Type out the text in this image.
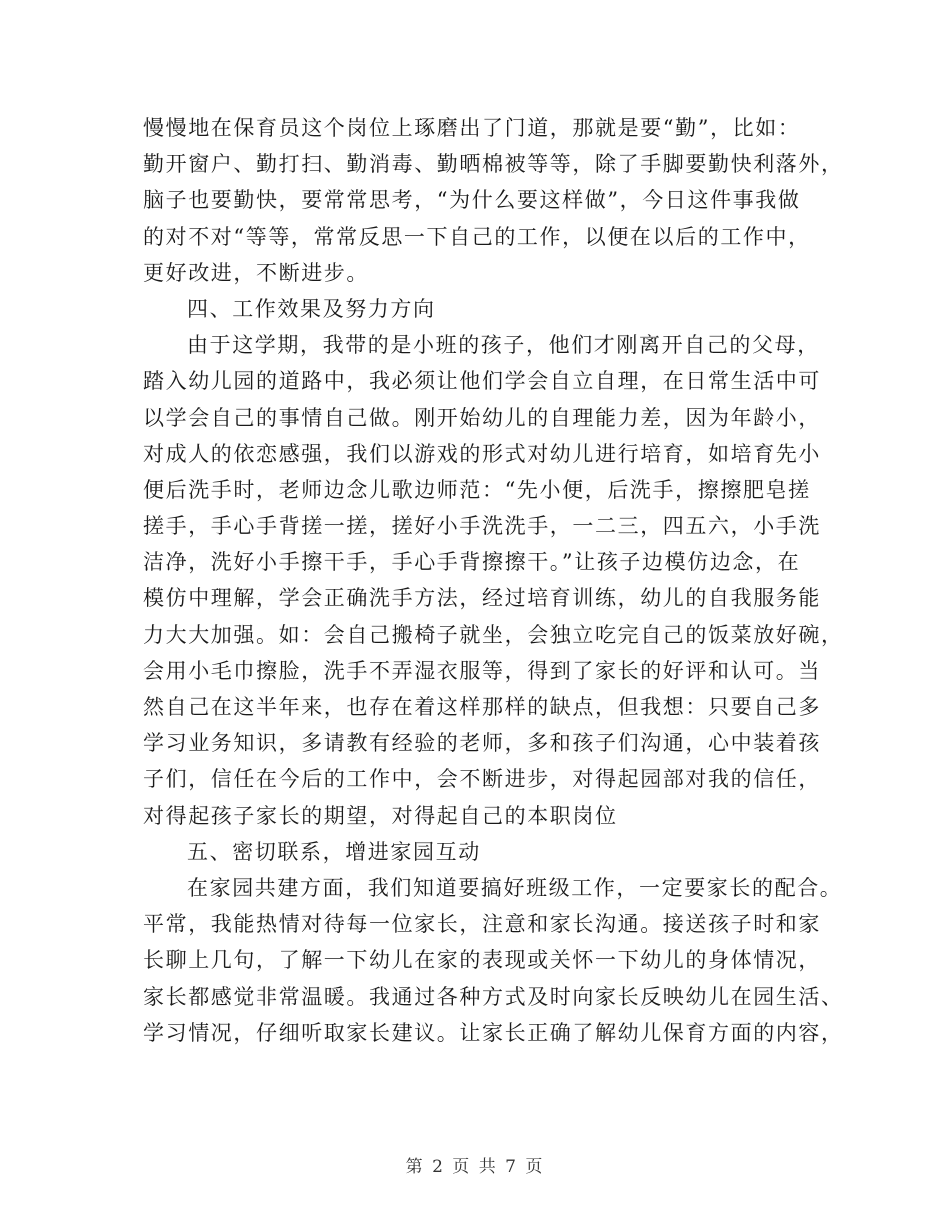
慢慢地在保育员这个岗位上琢磨出了门道，那就是要“勤”，比如：
勤开窗户、勤打扫、勤消毒、勤晒棉被等等，除了手脚要勤快利落外，
脑子也要勤快，要常常思考，“为什么要这样做”，今日这件事我做
的对不对“等等，常常反思一下自己的工作，以便在以后的工作中，
更好改进，不断进步。
四、工作效果及努力方向
由于这学期，我带的是小班的孩子，他们才刚离开自己的父母，
踏入幼儿园的道路中，我必须让他们学会自立自理，在日常生活中可
以学会自己的事情自己做。刚开始幼儿的自理能力差，因为年龄小，
对成人的依恋感强，我们以游戏的形式对幼儿进行培育，如培育先小
便后洗手时，老师边念儿歌边师范：“先小便，后洗手，擦擦肥皂搓
搓手，手心手背搓一搓，搓好小手洗洗手，一二三，四五六，小手洗
洁净，洗好小手擦干手，手心手背擦擦干。”让孩子边模仿边念，在
模仿中理解，学会正确洗手方法，经过培育训练，幼儿的自我服务能
力大大加强。如：会自己搬椅子就坐，会独立吃完自己的饭菜放好碗，
会用小毛巾擦脸，洗手不弄湿衣服等，得到了家长的好评和认可。当
然自己在这半年来，也存在着这样那样的缺点，但我想：只要自己多
学习业务知识，多请教有经验的老师，多和孩子们沟通，心中装着孩
子们，信任在今后的工作中，会不断进步，对得起园部对我的信任，
对得起孩子家长的期望，对得起自己的本职岗位
五、密切联系，增进家园互动
在家园共建方面，我们知道要搞好班级工作，一定要家长的配合。
平常，我能热情对待每一位家长，注意和家长沟通。接送孩子时和家
长聊上几句，了解一下幼儿在家的表现或关怀一下幼儿的身体情况，
家长都感觉非常温暖。我通过各种方式及时向家长反映幼儿在园生活、
学习情况，仔细听取家长建议。让家长正确了解幼儿保育方面的内容，
第 2 页 共 7 页
